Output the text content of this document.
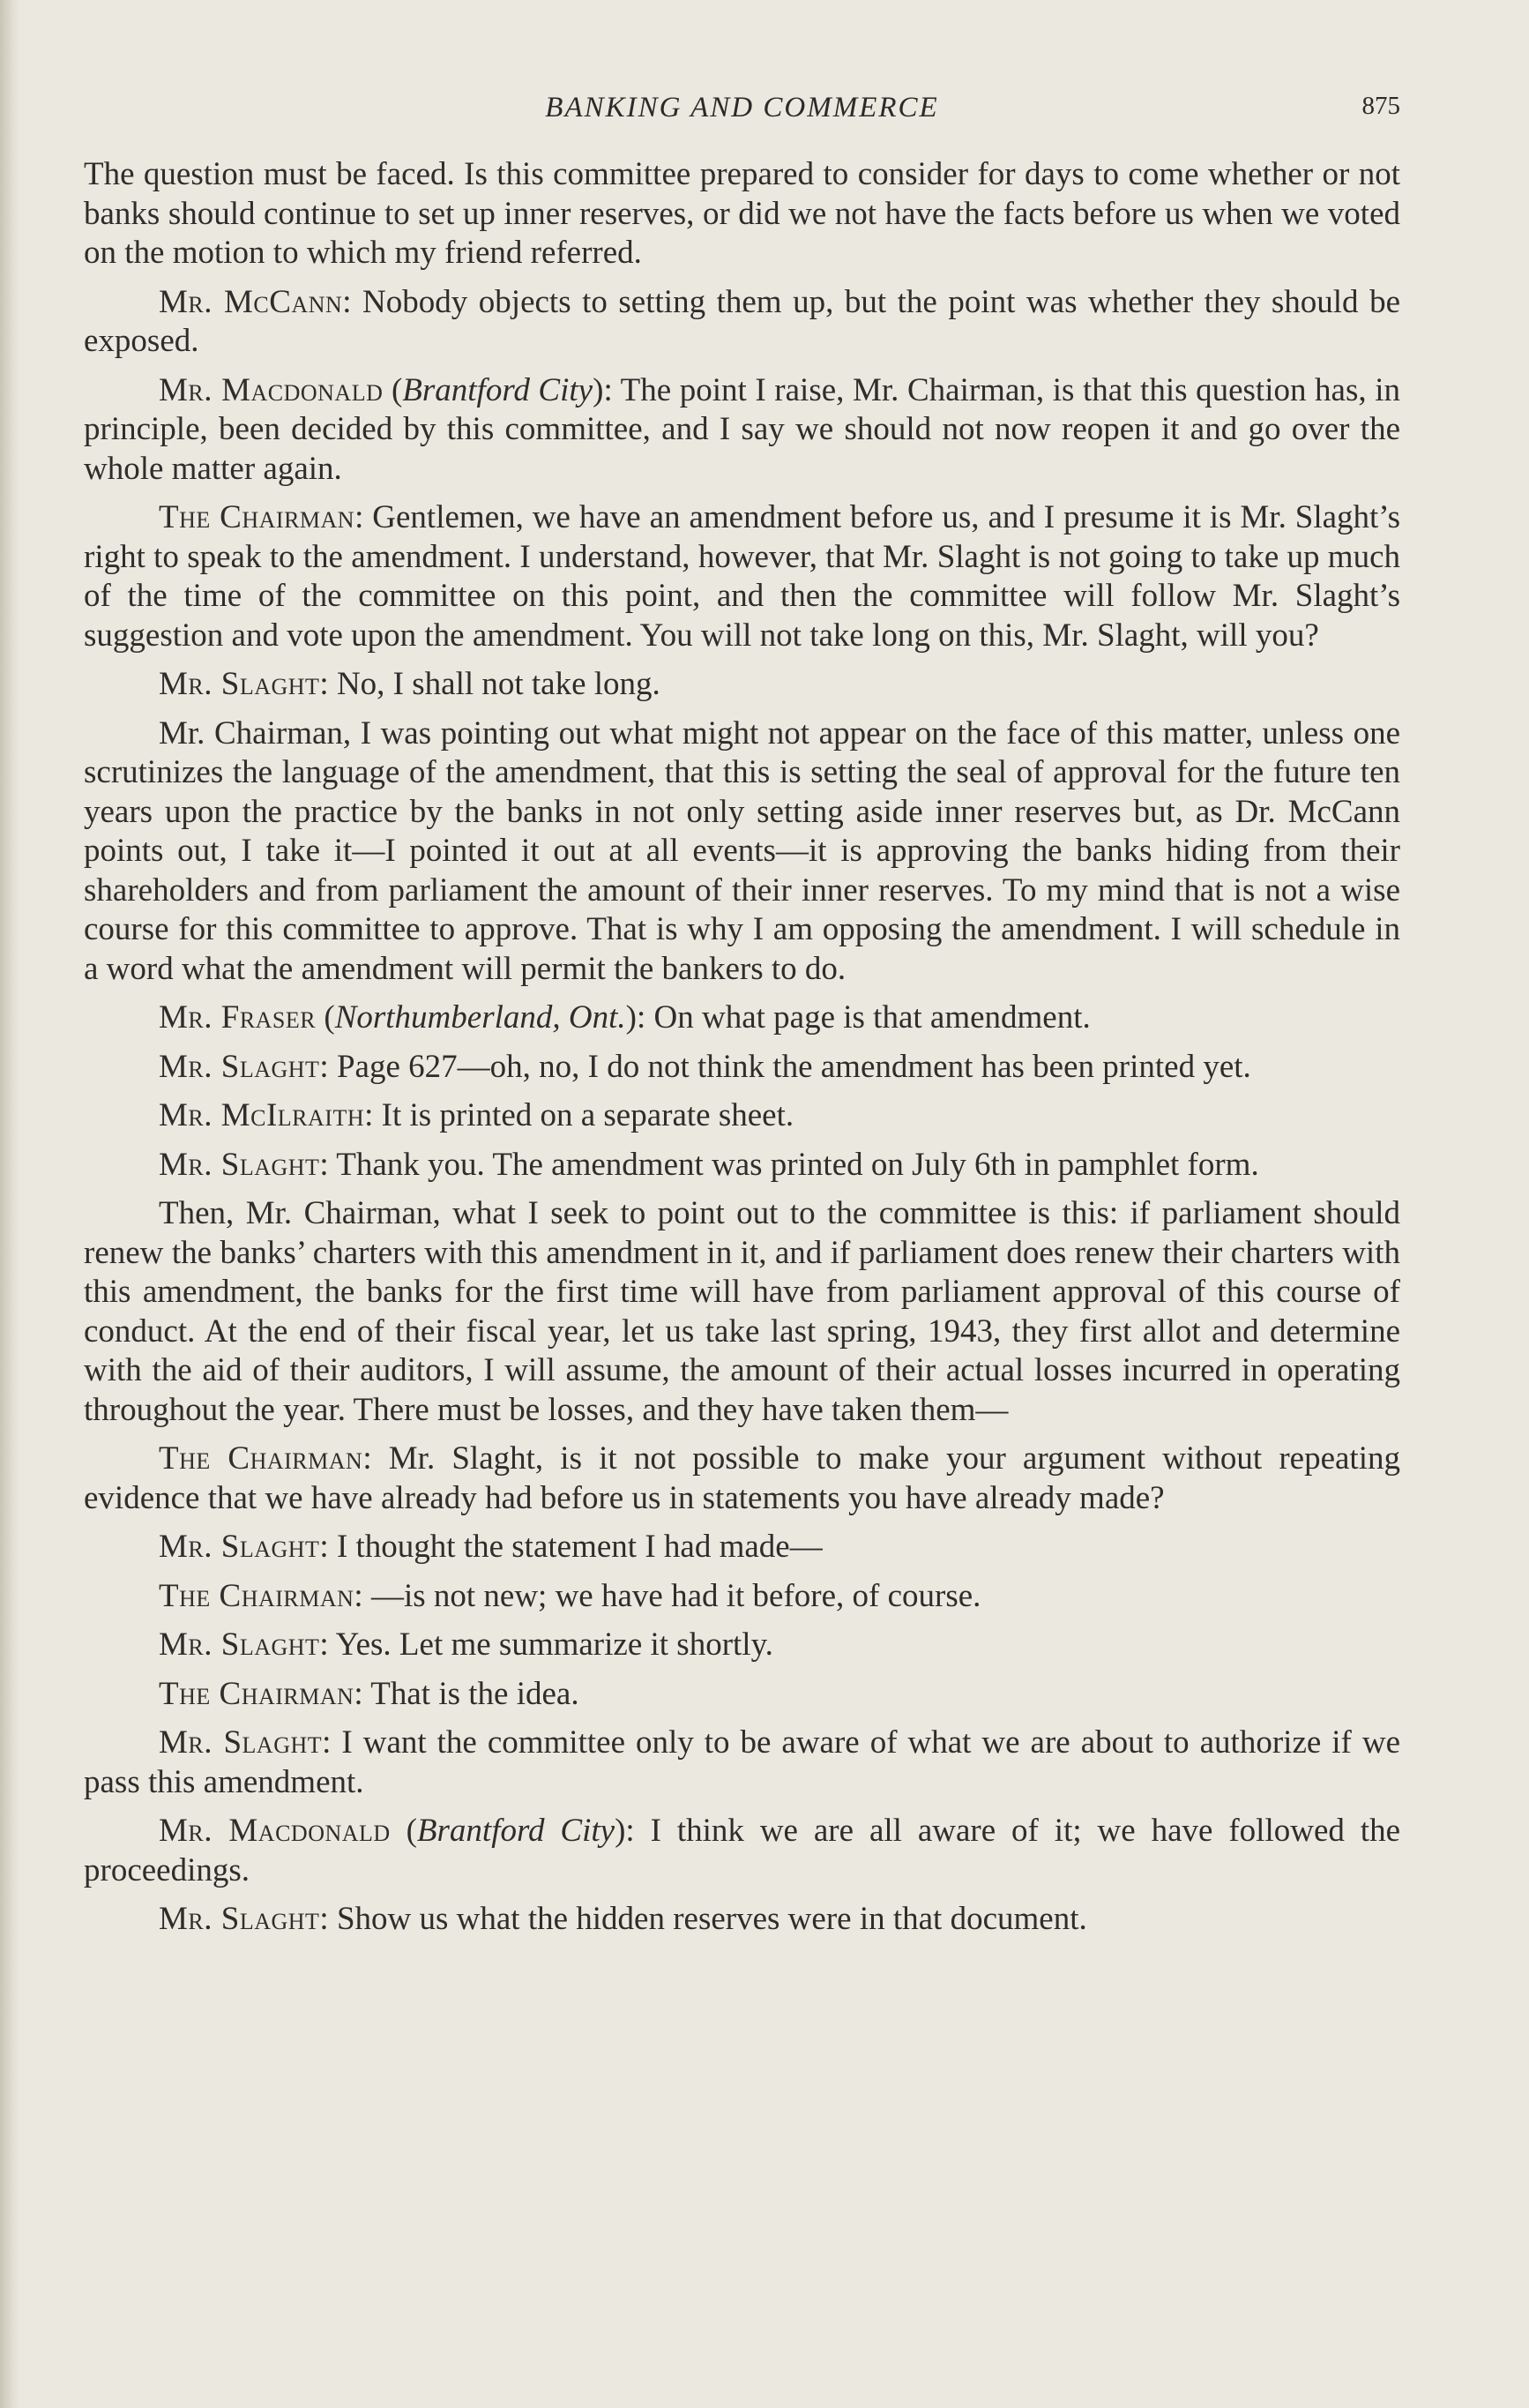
BANKING AND COMMERCE	875

The question must be faced. Is this committee prepared to consider for days to come whether or not banks should continue to set up inner reserves, or did we not have the facts before us when we voted on the motion to which my friend referred.

Mr. McCann: Nobody objects to setting them up, but the point was whether they should be exposed.

Mr. Macdonald (Brantford City): The point I raise, Mr. Chairman, is that this question has, in principle, been decided by this committee, and I say we should not now reopen it and go over the whole matter again.

The Chairman: Gentlemen, we have an amendment before us, and I presume it is Mr. Slaght’s right to speak to the amendment. I understand, however, that Mr. Slaght is not going to take up much of the time of the committee on this point, and then the committee will follow Mr. Slaght’s suggestion and vote upon the amendment. You will not take long on this, Mr. Slaght, will you?

Mr. Slaght: No, I shall not take long.

Mr. Chairman, I was pointing out what might not appear on the face of this matter, unless one scrutinizes the language of the amendment, that this is setting the seal of approval for the future ten years upon the practice by the banks in not only setting aside inner reserves but, as Dr. McCann points out, I take it—I pointed it out at all events—it is approving the banks hiding from their shareholders and from parliament the amount of their inner reserves. To my mind that is not a wise course for this committee to approve. That is why I am opposing the amendment. I will schedule in a word what the amendment will permit the bankers to do.

Mr. Fraser (Northumberland, Ont.): On what page is that amendment.

Mr. Slaght: Page 627—oh, no, I do not think the amendment has been printed yet.

Mr. McIlraith: It is printed on a separate sheet.

Mr. Slaght: Thank you. The amendment was printed on July 6th in pamphlet form.

Then, Mr. Chairman, what I seek to point out to the committee is this: if parliament should renew the banks’ charters with this amendment in it, and if parliament does renew their charters with this amendment, the banks for the first time will have from parliament approval of this course of conduct. At the end of their fiscal year, let us take last spring, 1943, they first allot and determine with the aid of their auditors, I will assume, the amount of their actual losses incurred in operating throughout the year. There must be losses, and they have taken them—

The Chairman: Mr. Slaght, is it not possible to make your argument without repeating evidence that we have already had before us in statements you have already made?

Mr. Slaght: I thought the statement I had made—

The Chairman: —is not new; we have had it before, of course.

Mr. Slaght: Yes. Let me summarize it shortly.

The Chairman: That is the idea.

Mr. Slaght: I want the committee only to be aware of what we are about to authorize if we pass this amendment.

Mr. Macdonald (Brantford City): I think we are all aware of it; we have followed the proceedings.

Mr. Slaght: Show us what the hidden reserves were in that document.
